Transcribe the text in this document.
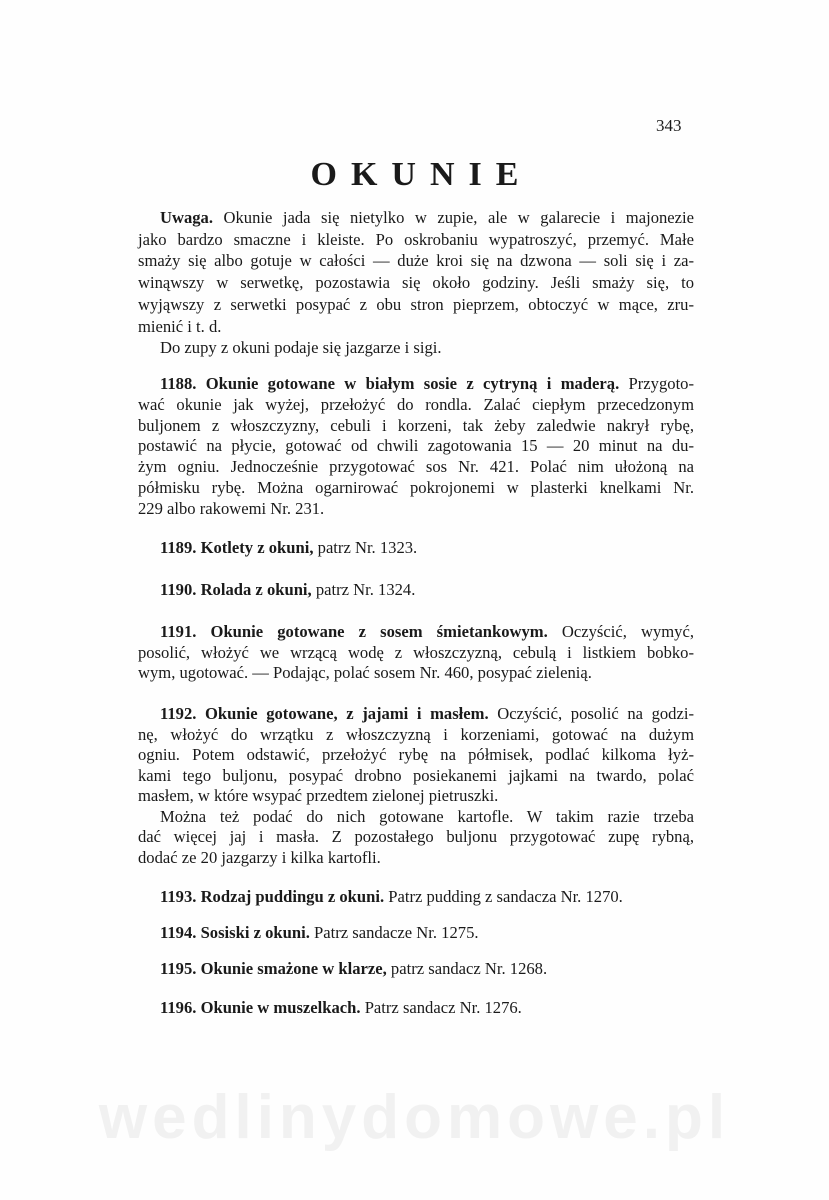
343
OKUNIE
Uwaga. Okunie jada się nietylko w zupie, ale w galarecie i majonezie
jako bardzo smaczne i kleiste. Po oskrobaniu wypatroszyć, przemyć. Małe
smaży się albo gotuje w całości — duże kroi się na dzwona — soli się i za-
winąwszy w serwetkę, pozostawia się około godziny. Jeśli smaży się, to
wyjąwszy z serwetki posypać z obu stron pieprzem, obtoczyć w mące, zru-
mienić i t. d.
Do zupy z okuni podaje się jazgarze i sigi.
1188. Okunie gotowane w białym sosie z cytryną i maderą. Przygoto-
wać okunie jak wyżej, przełożyć do rondla. Zalać ciepłym przecedzonym
buljonem z włoszczyzny, cebuli i korzeni, tak żeby zaledwie nakrył rybę,
postawić na płycie, gotować od chwili zagotowania 15 — 20 minut na du-
żym ogniu. Jednocześnie przygotować sos Nr. 421. Polać nim ułożoną na
półmisku rybę. Można ogarnirować pokrojonemi w plasterki knelkami Nr.
229 albo rakowemi Nr. 231.
1189. Kotlety z okuni, patrz Nr. 1323.
1190. Rolada z okuni, patrz Nr. 1324.
1191. Okunie gotowane z sosem śmietankowym. Oczyścić, wymyć,
posolić, włożyć we wrzącą wodę z włoszczyzną, cebulą i listkiem bobko-
wym, ugotować. — Podając, polać sosem Nr. 460, posypać zielenią.
1192. Okunie gotowane, z jajami i masłem. Oczyścić, posolić na godzi-
nę, włożyć do wrzątku z włoszczyzną i korzeniami, gotować na dużym
ogniu. Potem odstawić, przełożyć rybę na półmisek, podlać kilkoma łyż-
kami tego buljonu, posypać drobno posiekanemi jajkami na twardo, polać
masłem, w które wsypać przedtem zielonej pietruszki.
Można też podać do nich gotowane kartofle. W takim razie trzeba
dać więcej jaj i masła. Z pozostałego buljonu przygotować zupę rybną,
dodać ze 20 jazgarzy i kilka kartofli.
1193. Rodzaj puddingu z okuni. Patrz pudding z sandacza Nr. 1270.
1194. Sosiski z okuni. Patrz sandacze Nr. 1275.
1195. Okunie smażone w klarze, patrz sandacz Nr. 1268.
1196. Okunie w muszelkach. Patrz sandacz Nr. 1276.
wedlinydomowe.pl
